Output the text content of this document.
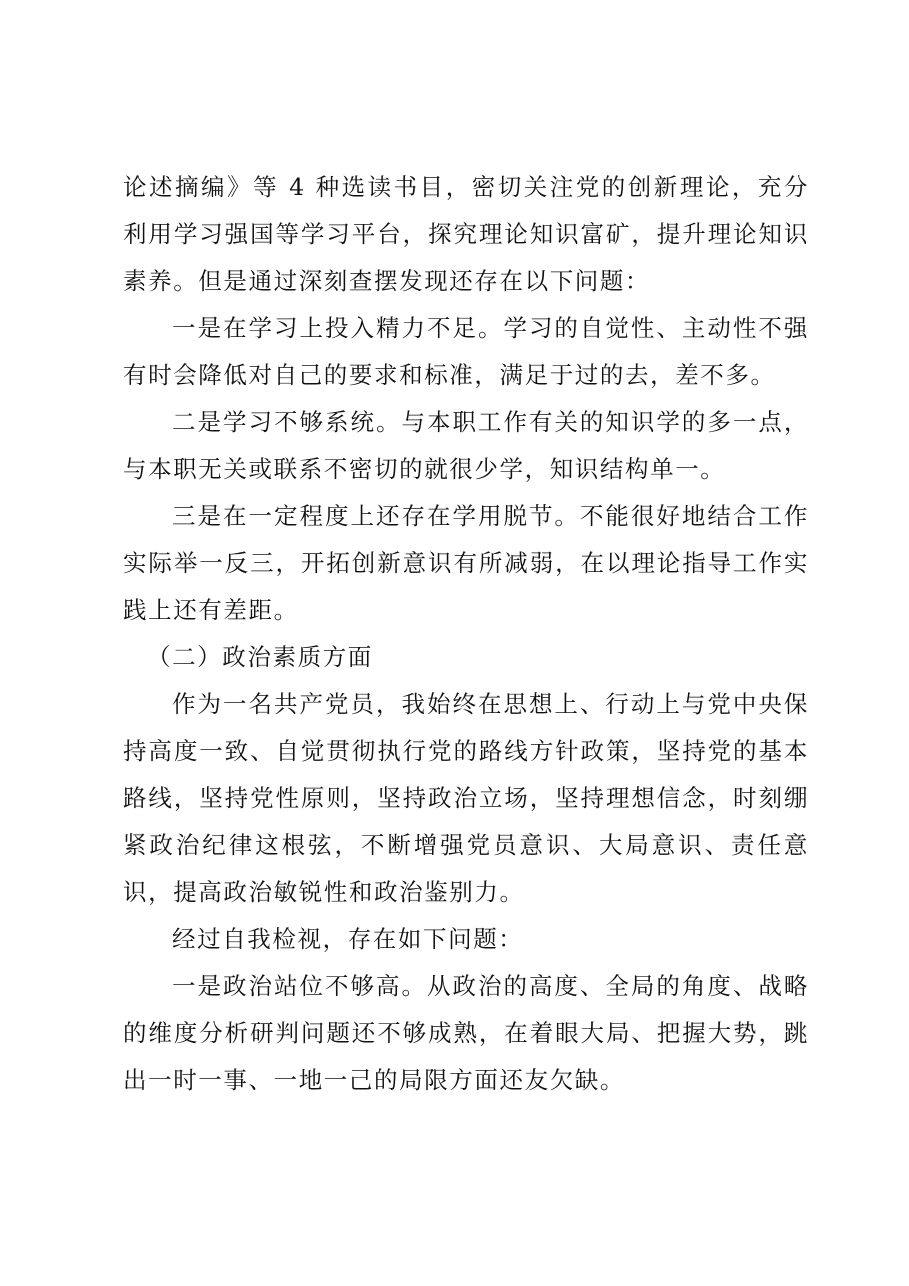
论述摘编》等 4 种选读书目，密切关注党的创新理论，充分利用学习强国等学习平台，探究理论知识富矿，提升理论知识素养。但是通过深刻查摆发现还存在以下问题：

一是在学习上投入精力不足。学习的自觉性、主动性不强有时会降低对自己的要求和标准，满足于过的去，差不多。

二是学习不够系统。与本职工作有关的知识学的多一点，与本职无关或联系不密切的就很少学，知识结构单一。

三是在一定程度上还存在学用脱节。不能很好地结合工作实际举一反三，开拓创新意识有所减弱，在以理论指导工作实践上还有差距。

（二）政治素质方面

作为一名共产党员，我始终在思想上、行动上与党中央保持高度一致、自觉贯彻执行党的路线方针政策，坚持党的基本路线，坚持党性原则，坚持政治立场，坚持理想信念，时刻绷紧政治纪律这根弦，不断增强党员意识、大局意识、责任意识，提高政治敏锐性和政治鉴别力。

经过自我检视，存在如下问题：

一是政治站位不够高。从政治的高度、全局的角度、战略的维度分析研判问题还不够成熟，在着眼大局、把握大势，跳出一时一事、一地一己的局限方面还友欠缺。
